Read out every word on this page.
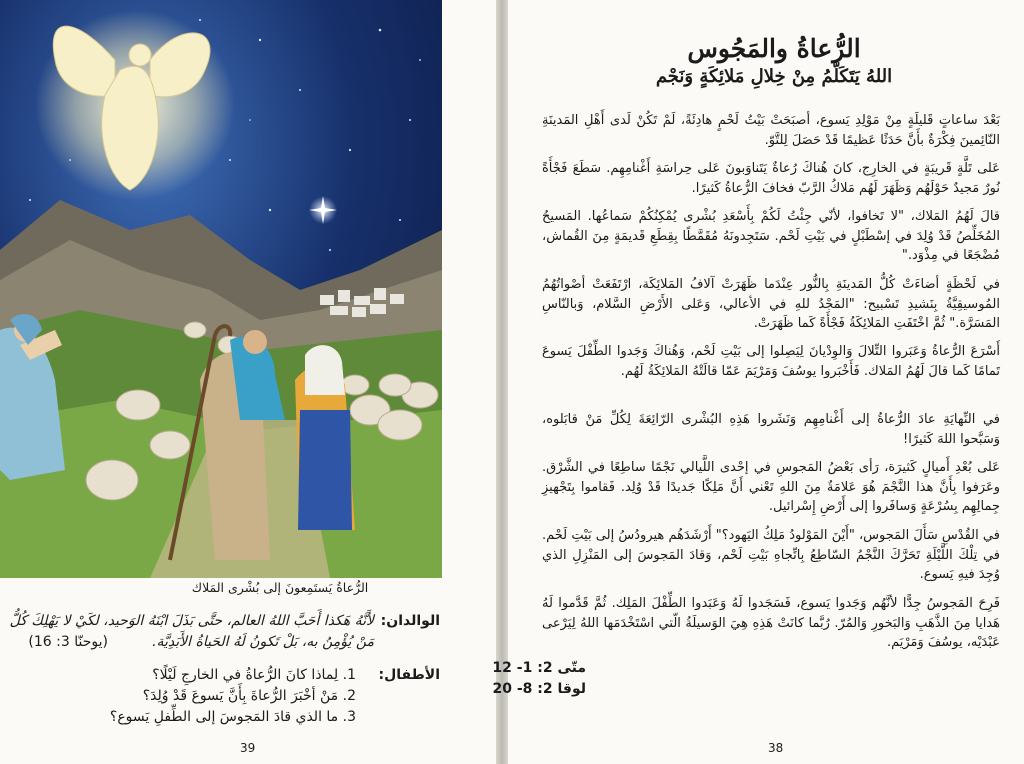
الرُّعاةُ يَستَمِعونَ إلى بُشْرى المَلاك
الوالدان:
لأَنَّهُ هَكذا أَحَبَّ اللهُ العالم، حتَّى بَذَلَ ابْنَهُ الوَحيد، لكَيْ لا يَهْلِكَ كُلُّ
مَنْ يُؤْمِنُ به، بَلْ تَكونُ لَهُ الحَياةُ الأَبَدِيَّة.
(يوحنّا 3: 16)
الأطفال:
1. لِماذا كانَ الرُّعاةُ في الخارجِ لَيْلًا؟
2. مَنْ أخْبَرَ الرُّعاةَ بِأَنَّ يَسوعَ قَدْ وُلِدَ؟
3. ما الذي قادَ المَجوسَ إلى الطِّفلِ يَسوع؟
39
الرُّعاةُ والمَجُوس
اللهُ يَتَكَلَّمُ مِنْ خِلالِ مَلائِكَةٍ وَنَجْم
بَعْدَ ساعاتٍ قَليلَةٍ مِنْ مَوْلِدِ يَسوع، أصبَحَتْ بَيْتُ لَحْمٍ هادِئَةً، لَمْ تَكُنْ لَدى أَهْلِ المَدينَةِ النّائِمينَ فِكْرَةٌ بأَنَّ حَدَثًا عَظيمًا قَدْ حَصَلَ لِلتَّوّ.
عَلى تَلَّةٍ قَريبَةٍ في الخارِج، كانَ هُناكَ رُعاةٌ يَتَناوَبونَ عَلى حِراسَةِ أَغْنامِهِم. سَطَعَ فَجْأَةً نُورٌ مَجيدٌ حَوْلَهُم وَظَهَرَ لَهُم مَلاكُ الرَّبّ فخافَ الرُّعاةُ كَثيرًا.
قالَ لَهُمُ المَلاك، "لا تَخافوا، لأنّي جِئْتُ لَكُمْ بِأَسْعَدِ بُشْرى يُمْكِنُكُمْ سَماعُها. المَسيحُ المُخَلِّصُ قَدْ وُلِدَ في إسْطَبْلٍ في بَيْتِ لَحْم. سَتَجِدونَهُ مُقَمَّطًا بِقِطَعِ قَديمَةٍ مِنَ القُماش، مُضْجَعًا في مِذْوَد."
في لَحْظَةٍ أضاءَتْ كُلُّ المَدينَةِ بِالنُّور عِنْدَما ظَهَرَتْ آلافُ المَلائِكَة، ارْتَفَعَتْ أصْواتُهُمُ المُوسيقِيَّةُ بِنَشيدِ تَسْبيح: "المَجْدُ للهِ في الأعالي، وَعَلى الأَرْضِ السَّلام، وَبالنّاسِ المَسَرَّة." ثُمَّ اخْتَفَتِ المَلائِكَةُ فَجْأَةً كَما ظَهَرَتْ.
أَسْرَعَ الرُّعاةُ وَعَبَروا التِّلالَ وَالوِدْيانَ لِيَصِلوا إلى بَيْتِ لَحْم، وَهُناكَ وَجَدوا الطِّفْلَ يَسوعَ تَمامًا كَما قالَ لَهُمُ المَلاك. فَأَخْبَروا يوسُفَ وَمَرْيَمَ عَمّا قالَتْهُ المَلائِكَةُ لَهُم.
في النِّهايَةِ عادَ الرُّعاةُ إلى أَغْنامِهِم وَنَشَروا هَذِهِ البُشْرى الرّائِعَةَ لِكُلِّ مَنْ قابَلوه، وَسَبَّحوا اللهَ كَثيرًا!
عَلى بُعْدِ أَميالٍ كَثيرَة، رَأى بَعْضُ المَجوسِ في إحْدى اللَّيالي نَجْمًا ساطِعًا في الشَّرْق. وعَرَفوا بِأَنَّ هذا النَّجْمَ هُوَ عَلامَةٌ مِنَ اللهِ تَعْني أَنَّ مَلِكًا جَديدًا قَدْ وُلِد. فَقاموا بِتَجْهيزِ جِمالِهِم بِسُرْعَةٍ وَسافَروا إلى أَرْضِ إِسْرائيل.
في القُدْسِ سَأَلَ المَجوس، "أَيْنَ المَوْلودُ مَلِكُ اليَهود؟" أَرْشَدَهُم هيرودُسُ إلى بَيْتِ لَحْم. في تِلْكَ اللَّيْلَةِ تَحَرَّكَ النَّجْمُ السّاطِعُ بِاتِّجاهِ بَيْتِ لَحْم، وَقادَ المَجوسَ إلى المَنْزِلِ الذي وُجِدَ فيهِ يَسوع.
فَرِحَ المَجوسُ جِدًّا لأنَّهُم وَجَدوا يَسوع، فَسَجَدوا لَهُ وَعَبَدوا الطِّفْلَ المَلِك. ثُمَّ قَدَّموا لَهُ هَدايا مِنَ الذَّهَبِ وَالبَخورِ وَالمُرّ. رُبَّما كانَتْ هَذِهِ هِيَ الوَسيلَةُ الّتي اسْتَخْدَمَها اللهُ لِيَرْعى عَبْدَيْه، يوسُفَ وَمَرْيَم.
متّى 2: 1- 12
لوقا 2: 8- 20
38
